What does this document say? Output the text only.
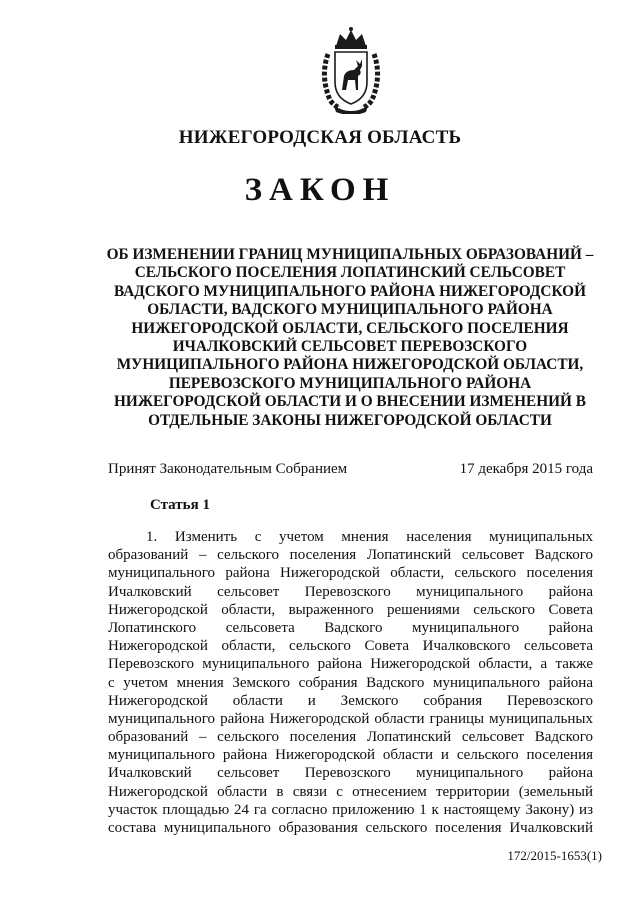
НИЖЕГОРОДСКАЯ ОБЛАСТЬ
ЗАКОН
ОБ ИЗМЕНЕНИИ ГРАНИЦ МУНИЦИПАЛЬНЫХ ОБРАЗОВАНИЙ –
СЕЛЬСКОГО ПОСЕЛЕНИЯ ЛОПАТИНСКИЙ СЕЛЬСОВЕТ
ВАДСКОГО МУНИЦИПАЛЬНОГО РАЙОНА НИЖЕГОРОДСКОЙ
ОБЛАСТИ, ВАДСКОГО МУНИЦИПАЛЬНОГО РАЙОНА
НИЖЕГОРОДСКОЙ ОБЛАСТИ, СЕЛЬСКОГО ПОСЕЛЕНИЯ
ИЧАЛКОВСКИЙ СЕЛЬСОВЕТ ПЕРЕВОЗСКОГО
МУНИЦИПАЛЬНОГО РАЙОНА НИЖЕГОРОДСКОЙ ОБЛАСТИ,
ПЕРЕВОЗСКОГО МУНИЦИПАЛЬНОГО РАЙОНА
НИЖЕГОРОДСКОЙ ОБЛАСТИ И О ВНЕСЕНИИ ИЗМЕНЕНИЙ В
ОТДЕЛЬНЫЕ ЗАКОНЫ НИЖЕГОРОДСКОЙ ОБЛАСТИ
Принят Законодательным Собранием	17 декабря 2015 года
Статья 1
1. Изменить с учетом мнения населения муниципальных
образований – сельского поселения Лопатинский сельсовет Вадского
муниципального района Нижегородской области, сельского поселения
Ичалковский сельсовет Перевозского муниципального района
Нижегородской области, выраженного решениями сельского Совета
Лопатинского сельсовета Вадского муниципального района
Нижегородской области, сельского Совета Ичалковского сельсовета
Перевозского муниципального района Нижегородской области, а также
с учетом мнения Земского собрания Вадского муниципального района
Нижегородской области и Земского собрания Перевозского
муниципального района Нижегородской области границы муниципальных
образований – сельского поселения Лопатинский сельсовет Вадского
муниципального района Нижегородской области и сельского поселения
Ичалковский сельсовет Перевозского муниципального района
Нижегородской области в связи с отнесением территории (земельный
участок площадью 24 га согласно приложению 1 к настоящему Закону) из
состава муниципального образования сельского поселения Ичалковский
172/2015-1653(1)
